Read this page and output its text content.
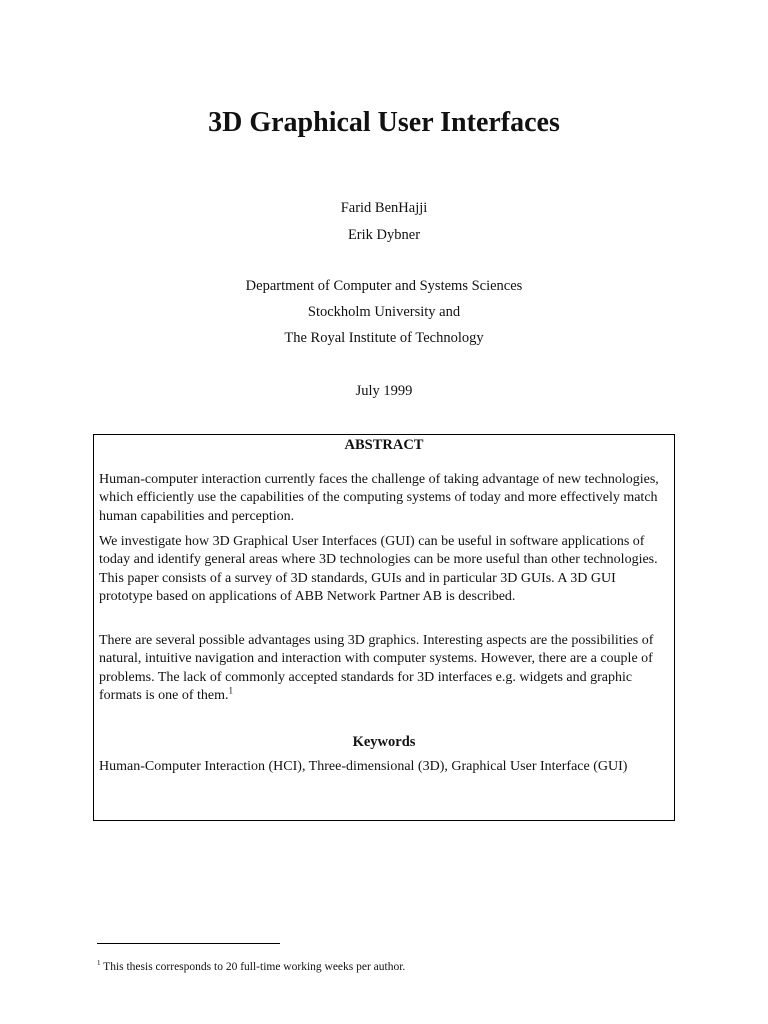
3D Graphical User Interfaces
Farid BenHajji
Erik Dybner
Department of Computer and Systems Sciences
Stockholm University and
The Royal Institute of Technology
July 1999
ABSTRACT
Human-computer interaction currently faces the challenge of taking advantage of new technologies, which efficiently use the capabilities of the computing systems of today and more effectively match human capabilities and perception.
We investigate how 3D Graphical User Interfaces (GUI) can be useful in software applications of today and identify general areas where 3D technologies can be more useful than other technologies. This paper consists of a survey of 3D standards, GUIs and in particular 3D GUIs. A 3D GUI prototype based on applications of ABB Network Partner AB is described.
There are several possible advantages using 3D graphics. Interesting aspects are the possibilities of natural, intuitive navigation and interaction with computer systems. However, there are a couple of problems. The lack of commonly accepted standards for 3D interfaces e.g. widgets and graphic formats is one of them.$^1$
Keywords
Human-Computer Interaction (HCI), Three-dimensional (3D), Graphical User Interface (GUI)
$^1$ This thesis corresponds to 20 full-time working weeks per author.
